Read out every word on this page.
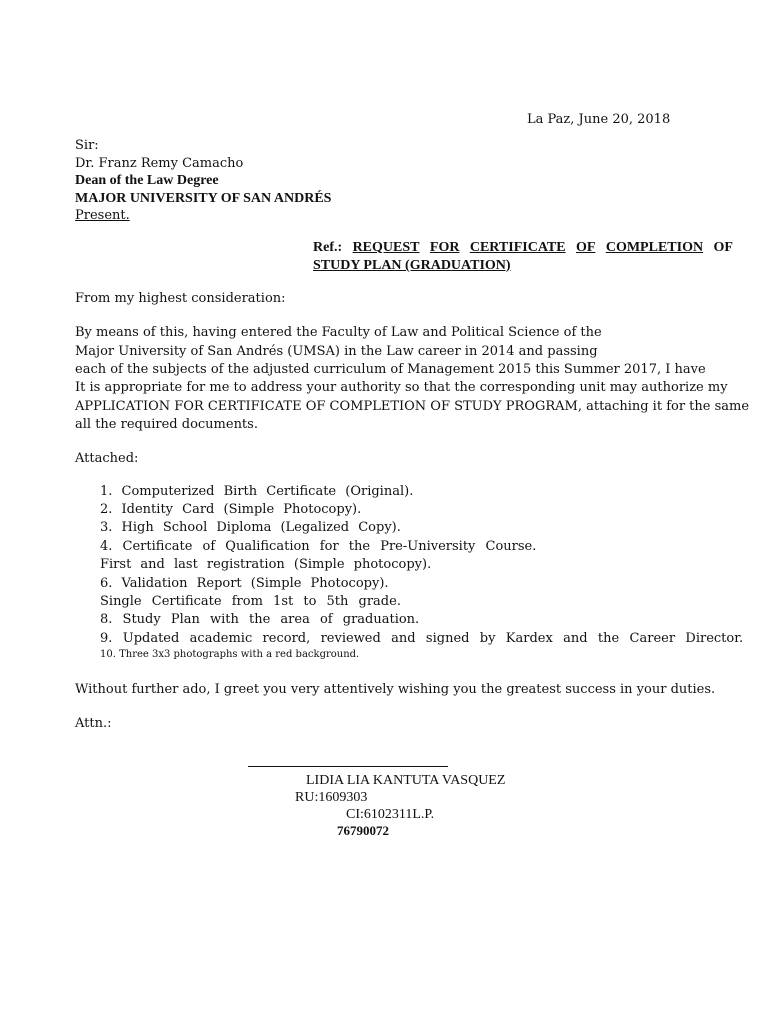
La Paz, June 20, 2018
Sir:
Dr. Franz Remy Camacho
Dean of the Law Degree
MAJOR UNIVERSITY OF SAN ANDRÉS
Present.
Ref.: REQUEST FOR CERTIFICATE OF COMPLETION OF
STUDY PLAN (GRADUATION)
From my highest consideration:
By means of this, having entered the Faculty of Law and Political Science of the
Major University of San Andrés (UMSA) in the Law career in 2014 and passing
each of the subjects of the adjusted curriculum of Management 2015 this Summer 2017, I have
It is appropriate for me to address your authority so that the corresponding unit may authorize my
APPLICATION FOR CERTIFICATE OF COMPLETION OF STUDY PROGRAM, attaching it for the same
all the required documents.
Attached:
1. Computerized Birth Certificate (Original).
2. Identity Card (Simple Photocopy).
3. High School Diploma (Legalized Copy).
4. Certificate of Qualification for the Pre-University Course.
First and last registration (Simple photocopy).
6. Validation Report (Simple Photocopy).
Single Certificate from 1st to 5th grade.
8. Study Plan with the area of graduation.
9. Updated academic record, reviewed and signed by Kardex and the Career Director.
10. Three 3x3 photographs with a red background.
Without further ado, I greet you very attentively wishing you the greatest success in your duties.
Attn.:
LIDIA LIA KANTUTA VASQUEZ
RU:1609303
CI:6102311L.P.
76790072
